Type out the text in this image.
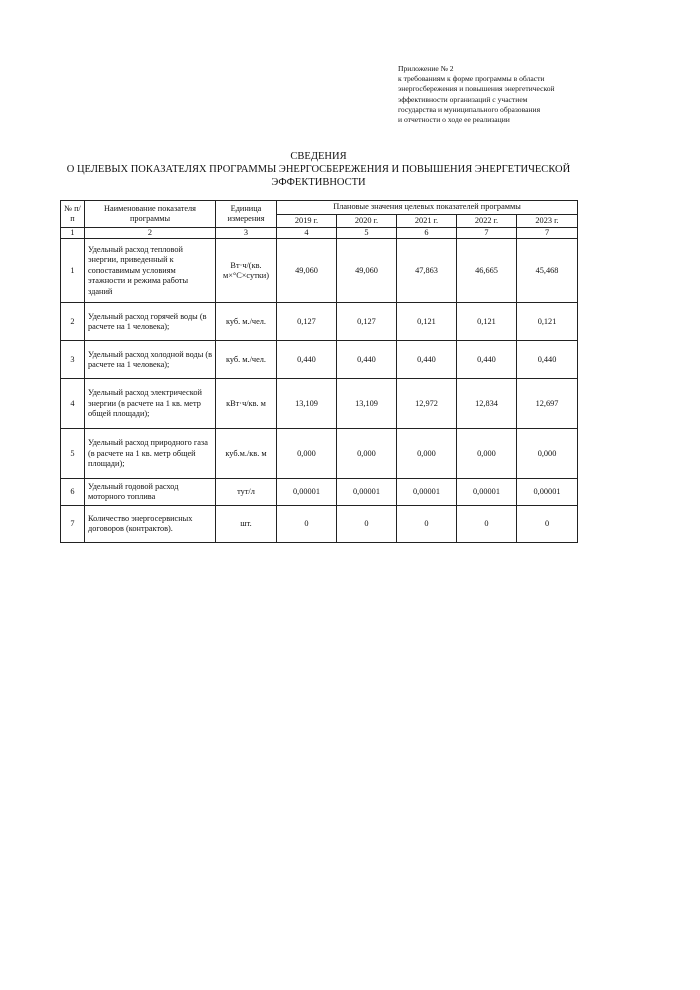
Приложение № 2
к требованиям к форме программы в области
энергосбережения и повышения энергетической
эффективности организаций с участием
государства и муниципального образования
и отчетности о ходе ее реализации
СВЕДЕНИЯ
О ЦЕЛЕВЫХ ПОКАЗАТЕЛЯХ ПРОГРАММЫ ЭНЕРГОСБЕРЕЖЕНИЯ И ПОВЫШЕНИЯ ЭНЕРГЕТИЧЕСКОЙ
ЭФФЕКТИВНОСТИ
№ п/п	Наименование показателя программы	Единица измерения	Плановые значения целевых показателей программы				
			2019 г.	2020 г.	2021 г.	2022 г.	2023 г.
1	2	3	4	5	6	7	7
1	Удельный расход тепловой энергии, приведенный к сопоставимым условиям этажности и режима работы зданий	Вт·ч/(кв. м×°С×сутки)	49,060	49,060	47,863	46,665	45,468
2	Удельный расход горячей воды (в расчете на 1 человека);	куб. м./чел.	0,127	0,127	0,121	0,121	0,121
3	Удельный расход холодной воды (в расчете на 1 человека);	куб. м./чел.	0,440	0,440	0,440	0,440	0,440
4	Удельный расход электрической энергии (в расчете на 1 кв. метр общей площади);	кВт·ч/кв. м	13,109	13,109	12,972	12,834	12,697
5	Удельный расход природного газа (в расчете на 1 кв. метр общей площади);	куб.м./кв. м	0,000	0,000	0,000	0,000	0,000
6	Удельный годовой расход моторного топлива	тут/л	0,00001	0,00001	0,00001	0,00001	0,00001
7	Количество энергосервисных договоров (контрактов).	шт.	0	0	0	0	0
